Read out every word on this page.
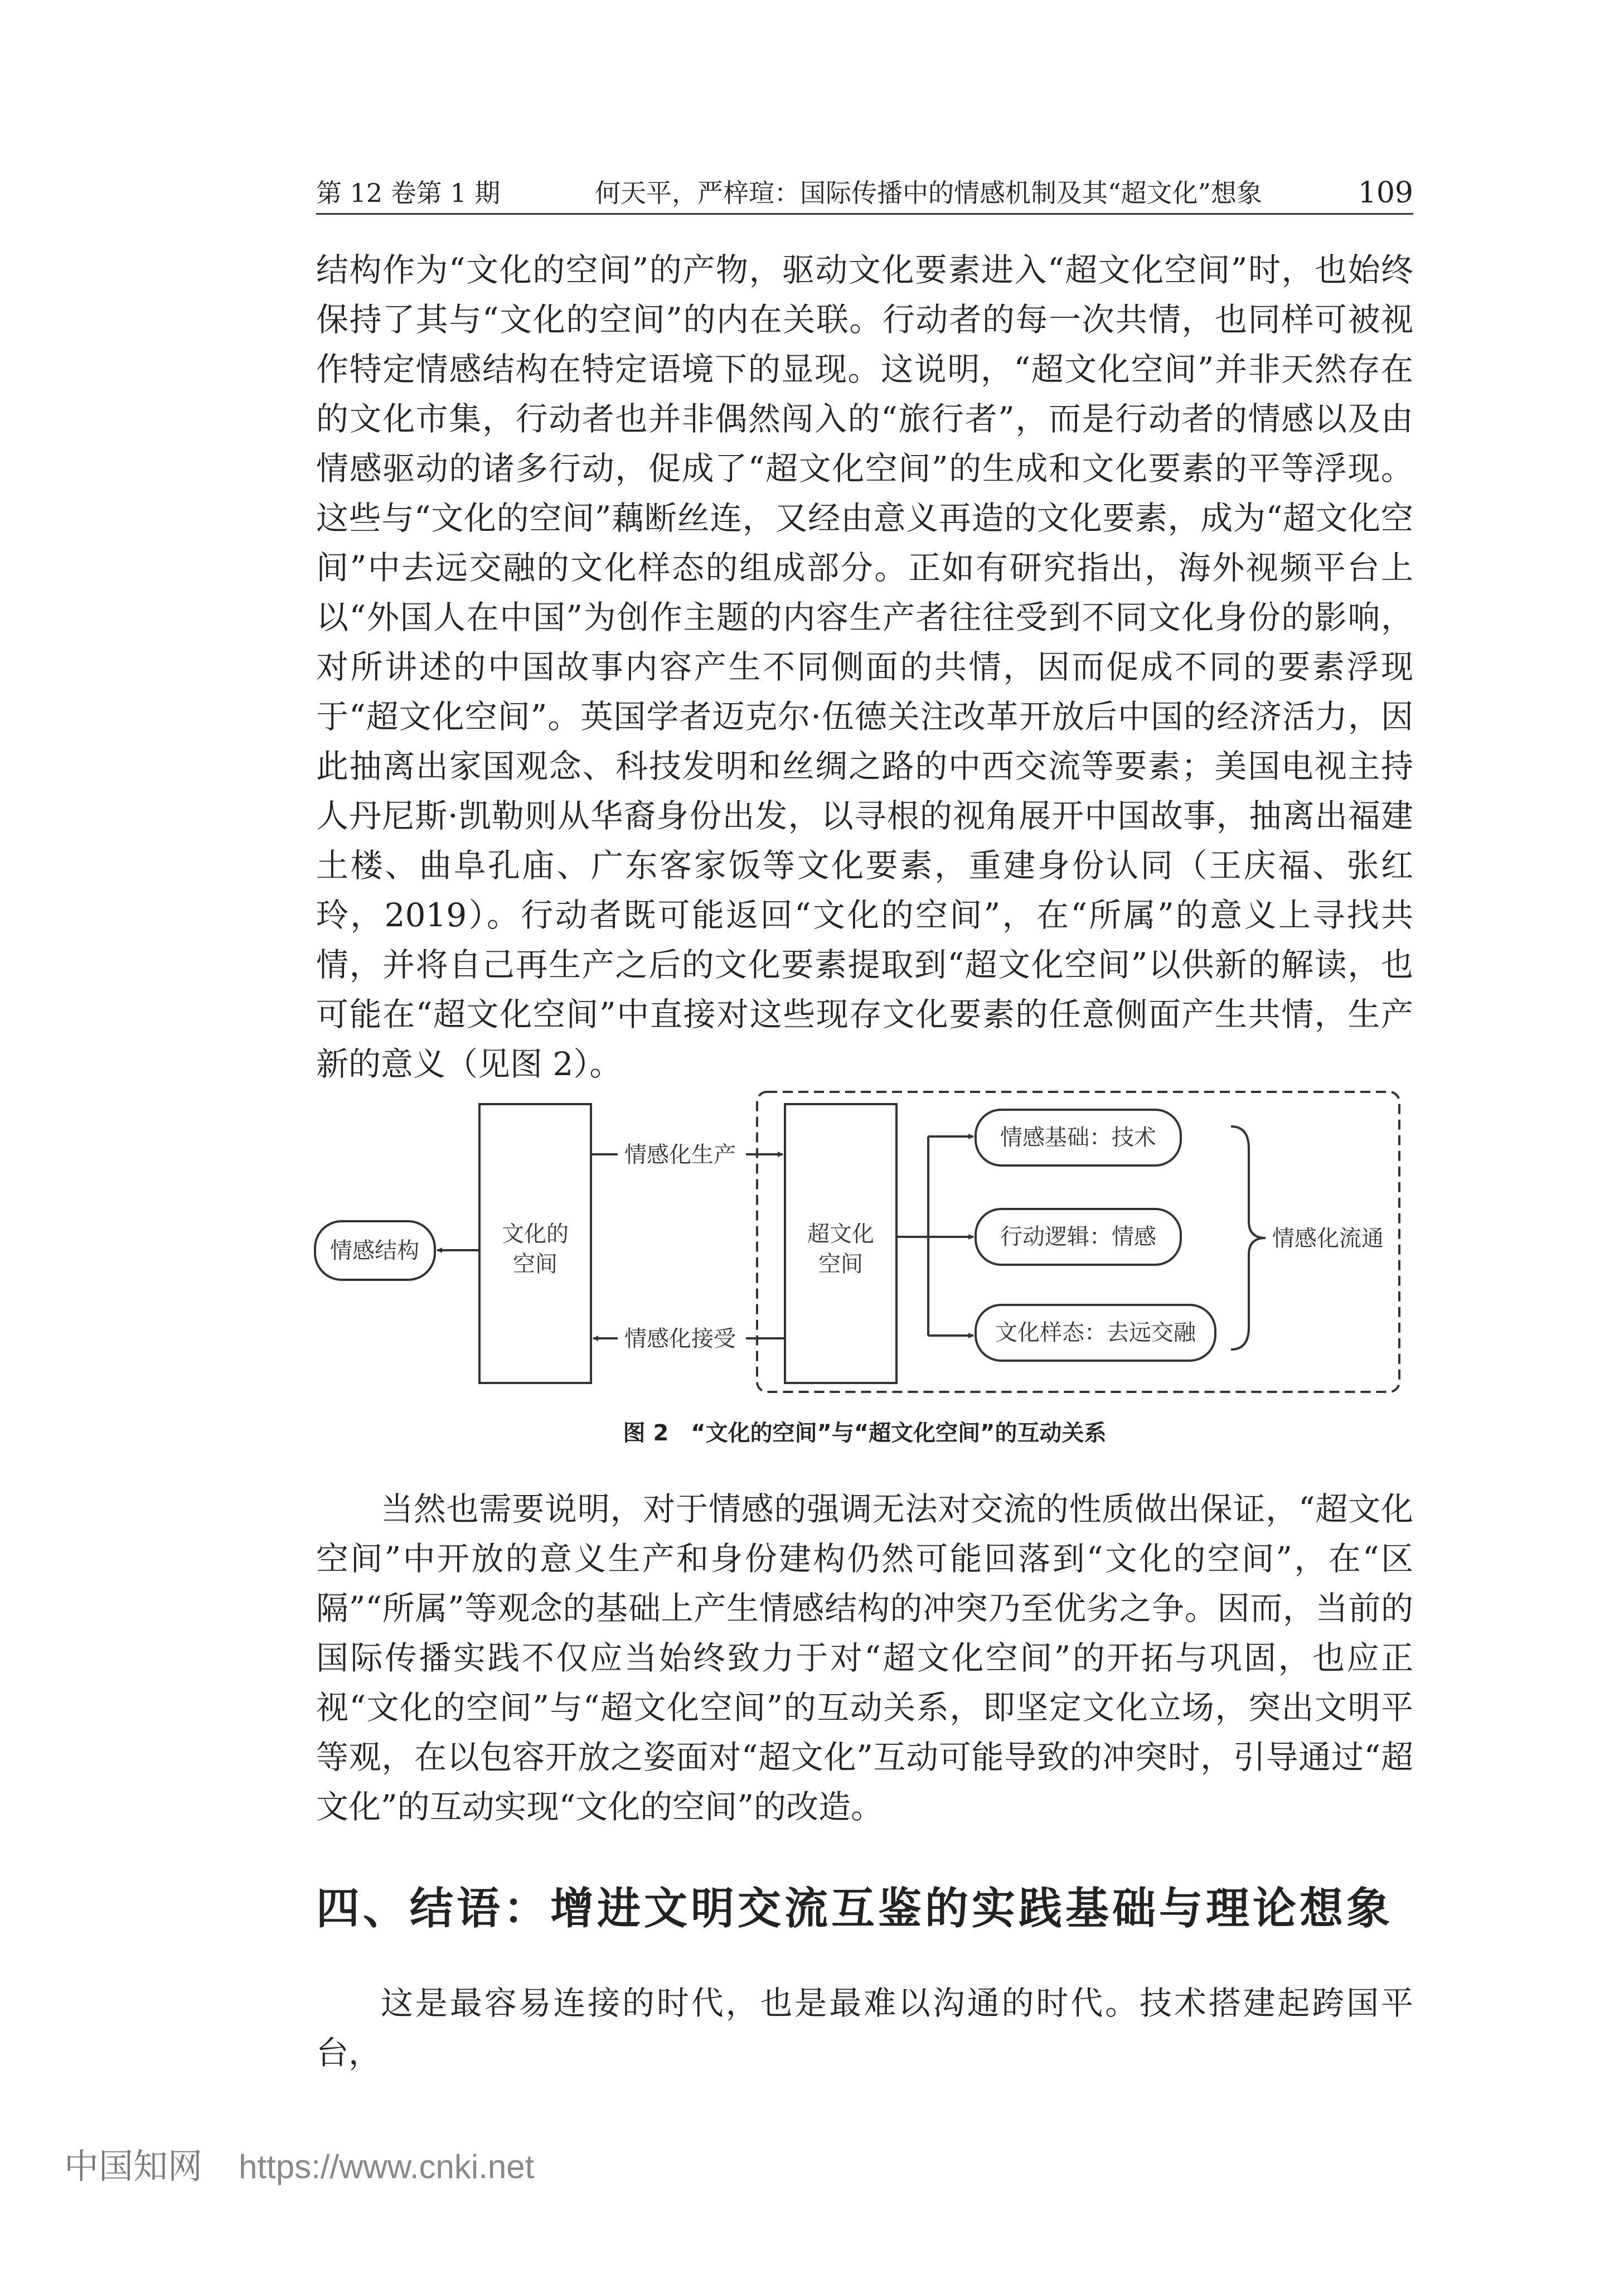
第 12 卷第 1 期	何天平，严梓瑄：国际传播中的情感机制及其“超文化”想象	109

结构作为“文化的空间”的产物，驱动文化要素进入“超文化空间”时，也始终保持了其与“文化的空间”的内在关联。行动者的每一次共情，也同样可被视作特定情感结构在特定语境下的显现。这说明，“超文化空间”并非天然存在的文化市集，行动者也并非偶然闯入的“旅行者”，而是行动者的情感以及由情感驱动的诸多行动，促成了“超文化空间”的生成和文化要素的平等浮现。这些与“文化的空间”藕断丝连，又经由意义再造的文化要素，成为“超文化空间”中去远交融的文化样态的组成部分。正如有研究指出，海外视频平台上以“外国人在中国”为创作主题的内容生产者往往受到不同文化身份的影响，对所讲述的中国故事内容产生不同侧面的共情，因而促成不同的要素浮现于“超文化空间”。英国学者迈克尔·伍德关注改革开放后中国的经济活力，因此抽离出家国观念、科技发明和丝绸之路的中西交流等要素；美国电视主持人丹尼斯·凯勒则从华裔身份出发，以寻根的视角展开中国故事，抽离出福建土楼、曲阜孔庙、广东客家饭等文化要素，重建身份认同（王庆福、张红玲，2019）。行动者既可能返回“文化的空间”，在“所属”的意义上寻找共情，并将自己再生产之后的文化要素提取到“超文化空间”以供新的解读，也可能在“超文化空间”中直接对这些现存文化要素的任意侧面产生共情，生产新的意义（见图 2）。

情感结构
文化的
空间
超文化
空间
情感化生产
情感化接受
情感基础：技术
行动逻辑：情感
文化样态：去远交融
情感化流通
图 2　“文化的空间”与“超文化空间”的互动关系

当然也需要说明，对于情感的强调无法对交流的性质做出保证，“超文化空间”中开放的意义生产和身份建构仍然可能回落到“文化的空间”，在“区隔”“所属”等观念的基础上产生情感结构的冲突乃至优劣之争。因而，当前的国际传播实践不仅应当始终致力于对“超文化空间”的开拓与巩固，也应正视“文化的空间”与“超文化空间”的互动关系，即坚定文化立场，突出文明平等观，在以包容开放之姿面对“超文化”互动可能导致的冲突时，引导通过“超文化”的互动实现“文化的空间”的改造。

四、结语：增进文明交流互鉴的实践基础与理论想象

这是最容易连接的时代，也是最难以沟通的时代。技术搭建起跨国平台，

中国知网 https://www.cnki.net
